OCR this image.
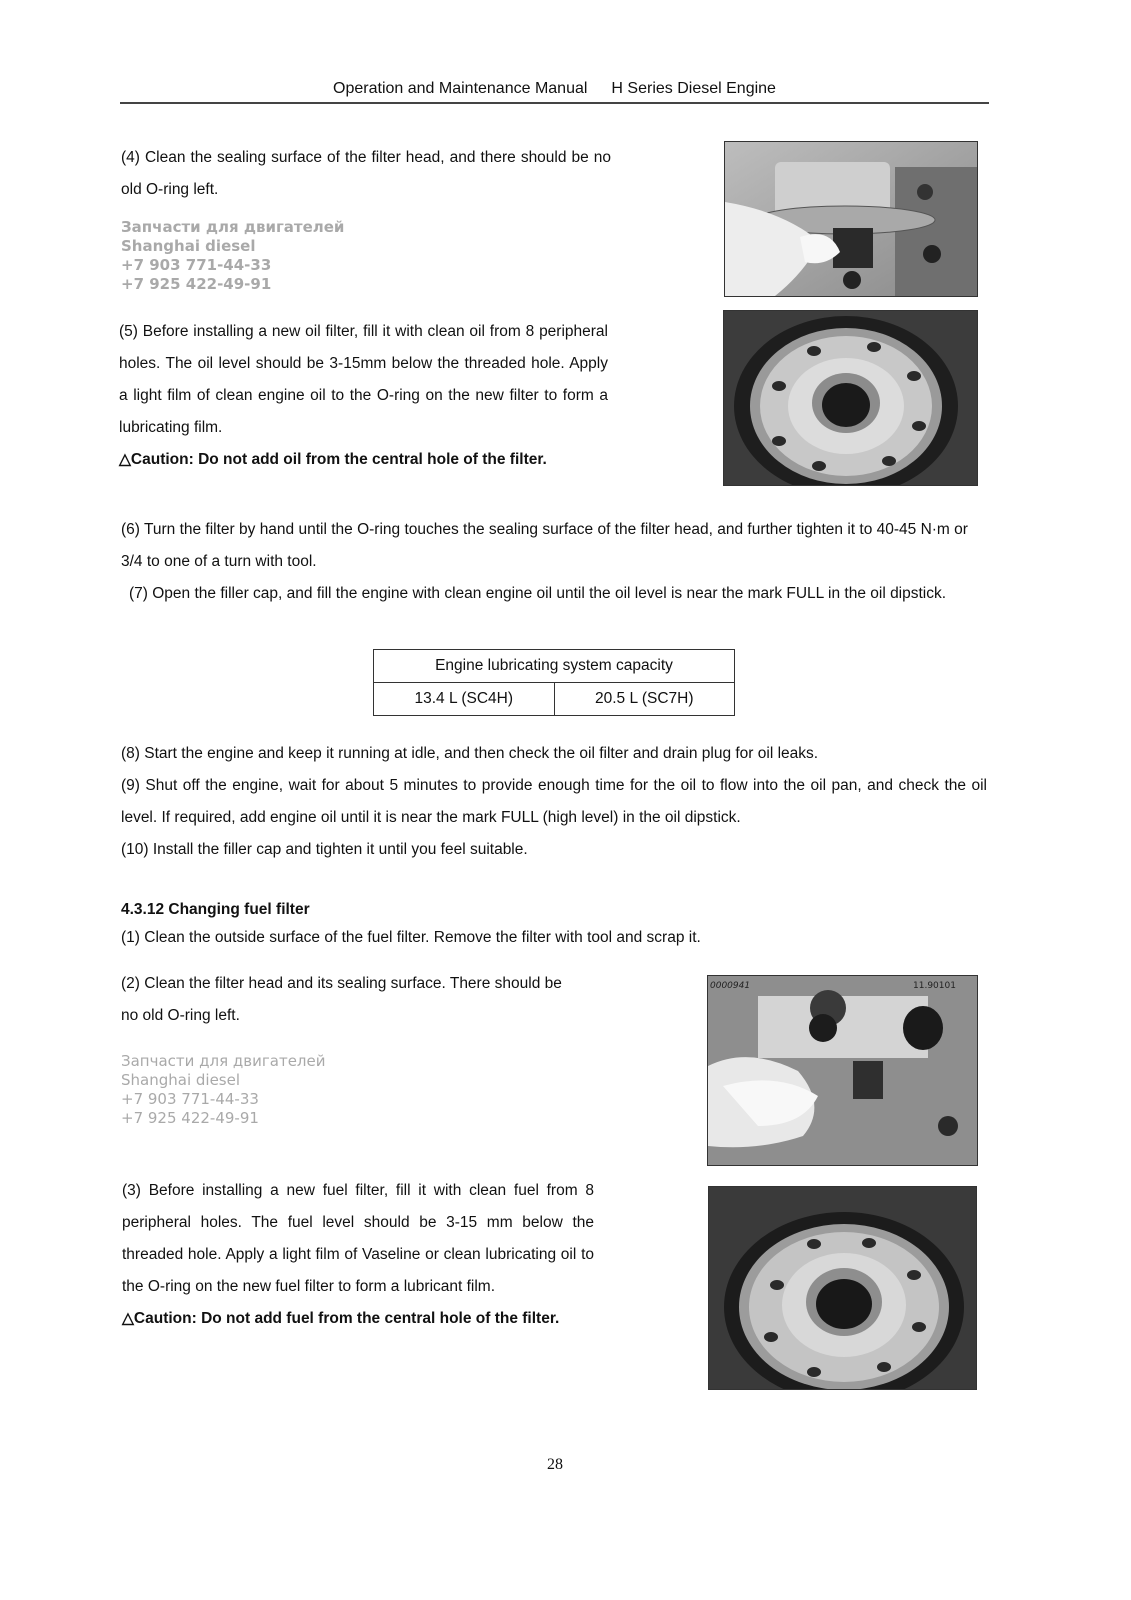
Operation and Maintenance Manual H Series Diesel Engine

(4) Clean the sealing surface of the filter head, and there should be no old O-ring left.

Запчасти для двигателей
Shanghai diesel
+7 903 771-44-33
+7 925 422-49-91

(5) Before installing a new oil filter, fill it with clean oil from 8 peripheral holes. The oil level should be 3-15mm below the threaded hole. Apply a light film of clean engine oil to the O-ring on the new filter to form a lubricating film.

△Caution: Do not add oil from the central hole of the filter.

(6) Turn the filter by hand until the O-ring touches the sealing surface of the filter head, and further tighten it to 40-45 N·m or 3/4 to one of a turn with tool.

(7) Open the filler cap, and fill the engine with clean engine oil until the oil level is near the mark FULL in the oil dipstick.

Engine lubricating system capacity
13.4 L (SC4H)	20.5 L (SC7H)

(8) Start the engine and keep it running at idle, and then check the oil filter and drain plug for oil leaks.

(9) Shut off the engine, wait for about 5 minutes to provide enough time for the oil to flow into the oil pan, and check the oil level. If required, add engine oil until it is near the mark FULL (high level) in the oil dipstick.

(10) Install the filler cap and tighten it until you feel suitable.

4.3.12 Changing fuel filter

(1) Clean the outside surface of the fuel filter. Remove the filter with tool and scrap it.

(2) Clean the filter head and its sealing surface. There should be no old O-ring left.

Запчасти для двигателей
Shanghai diesel
+7 903 771-44-33
+7 925 422-49-91
0000941	11.90101

(3) Before installing a new fuel filter, fill it with clean fuel from 8 peripheral holes. The fuel level should be 3-15 mm below the threaded hole. Apply a light film of Vaseline or clean lubricating oil to the O-ring on the new fuel filter to form a lubricant film.

△Caution: Do not add fuel from the central hole of the filter.

28
